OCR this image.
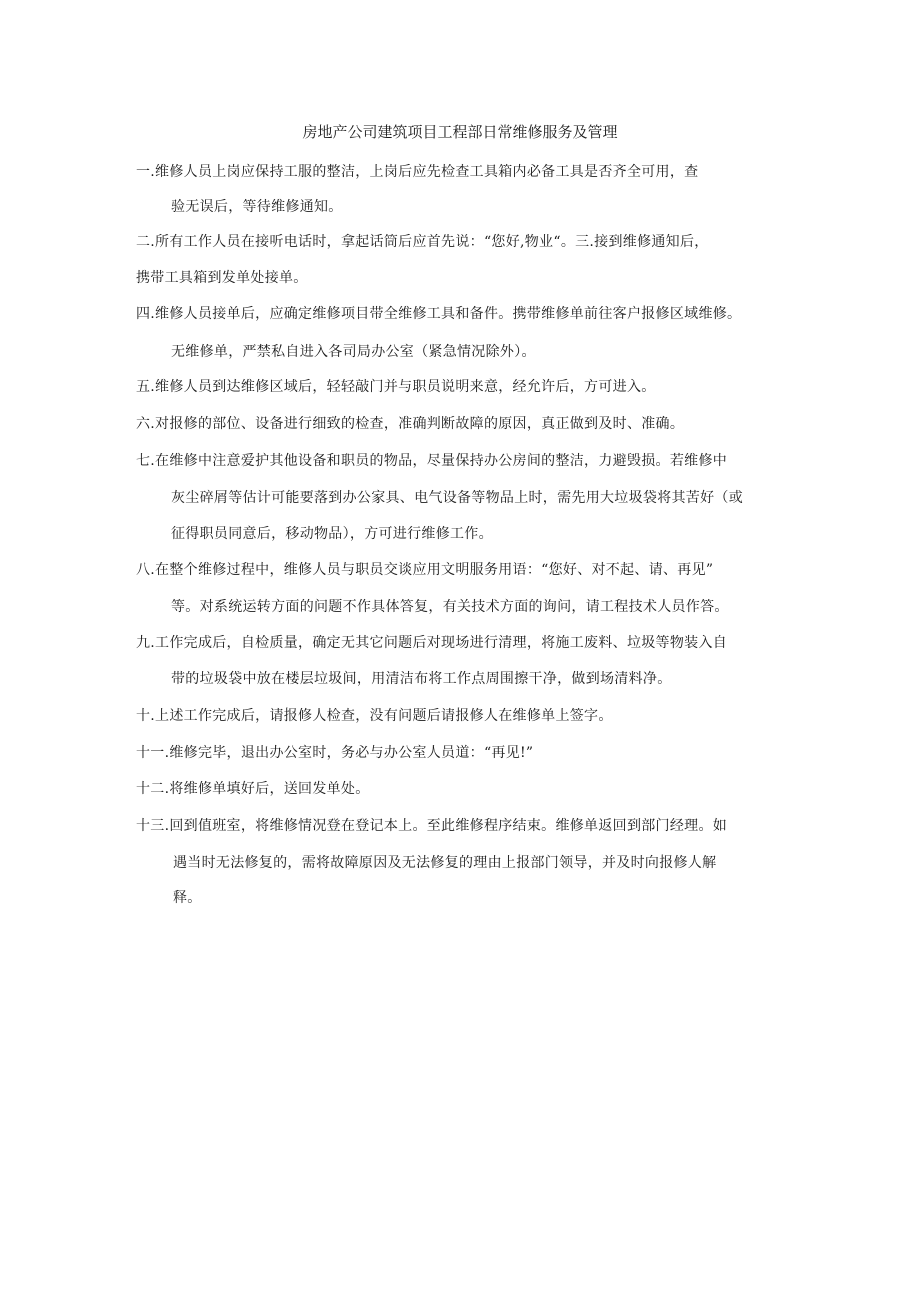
房地产公司建筑项目工程部日常维修服务及管理
一.维修人员上岗应保持工服的整洁，上岗后应先检查工具箱内必备工具是否齐全可用，查
验无误后，等待维修通知。
二.所有工作人员在接听电话时，拿起话筒后应首先说：“您好,物业“。三.接到维修通知后，
携带工具箱到发单处接单。
四.维修人员接单后，应确定维修项目带全维修工具和备件。携带维修单前往客户报修区域维修。
无维修单，严禁私自进入各司局办公室（紧急情况除外）。
五.维修人员到达维修区域后，轻轻敲门并与职员说明来意，经允许后，方可进入。
六.对报修的部位、设备进行细致的检查，准确判断故障的原因，真正做到及时、准确。
七.在维修中注意爱护其他设备和职员的物品，尽量保持办公房间的整洁，力避毁损。若维修中
灰尘碎屑等估计可能要落到办公家具、电气设备等物品上时，需先用大垃圾袋将其苦好（或
征得职员同意后，移动物品），方可进行维修工作。
八.在整个维修过程中，维修人员与职员交谈应用文明服务用语：“您好、对不起、请、再见”
等。对系统运转方面的问题不作具体答复，有关技术方面的询问，请工程技术人员作答。
九.工作完成后，自检质量，确定无其它问题后对现场进行清理，将施工废料、垃圾等物装入自
带的垃圾袋中放在楼层垃圾间，用清洁布将工作点周围擦干净，做到场清料净。
十.上述工作完成后，请报修人检查，没有问题后请报修人在维修单上签字。
十一.维修完毕，退出办公室时，务必与办公室人员道：“再见!”
十二.将维修单填好后，送回发单处。
十三.回到值班室，将维修情况登在登记本上。至此维修程序结束。维修单返回到部门经理。如
遇当时无法修复的，需将故障原因及无法修复的理由上报部门领导，并及时向报修人解
释。
